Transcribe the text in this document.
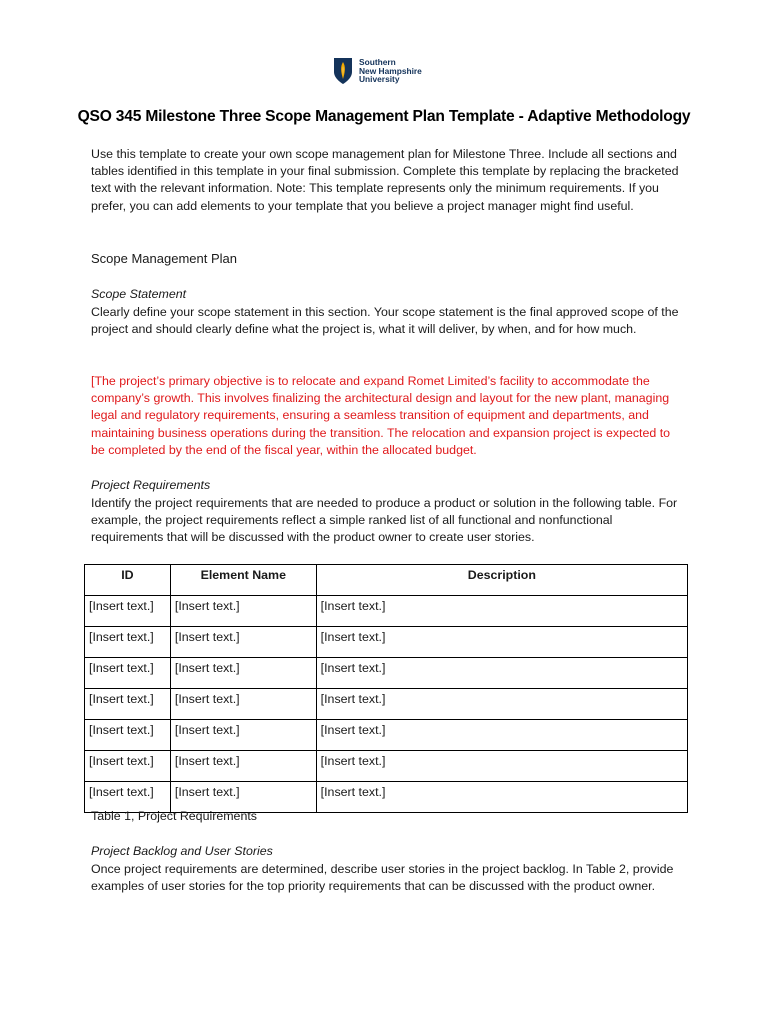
Southern
New Hampshire
University
QSO 345 Milestone Three Scope Management Plan Template - Adaptive Methodology

Use this template to create your own scope management plan for Milestone Three. Include all sections and tables identified in this template in your final submission. Complete this template by replacing the bracketed text with the relevant information. Note: This template represents only the minimum requirements. If you prefer, you can add elements to your template that you believe a project manager might find useful.

Scope Management Plan

Scope Statement

Clearly define your scope statement in this section. Your scope statement is the final approved scope of the project and should clearly define what the project is, what it will deliver, by when, and for how much.

[The project’s primary objective is to relocate and expand Romet Limited’s facility to accommodate the company’s growth. This involves finalizing the architectural design and layout for the new plant, managing legal and regulatory requirements, ensuring a seamless transition of equipment and departments, and maintaining business operations during the transition. The relocation and expansion project is expected to be completed by the end of the fiscal year, within the allocated budget.

Project Requirements

Identify the project requirements that are needed to produce a product or solution in the following table. For example, the project requirements reflect a simple ranked list of all functional and nonfunctional requirements that will be discussed with the product owner to create user stories.

ID	Element Name	Description
[Insert text.]	[Insert text.]	[Insert text.]
[Insert text.]	[Insert text.]	[Insert text.]
[Insert text.]	[Insert text.]	[Insert text.]
[Insert text.]	[Insert text.]	[Insert text.]
[Insert text.]	[Insert text.]	[Insert text.]
[Insert text.]	[Insert text.]	[Insert text.]
[Insert text.]	[Insert text.]	[Insert text.]

Table 1, Project Requirements

Project Backlog and User Stories

Once project requirements are determined, describe user stories in the project backlog. In Table 2, provide examples of user stories for the top priority requirements that can be discussed with the product owner.
